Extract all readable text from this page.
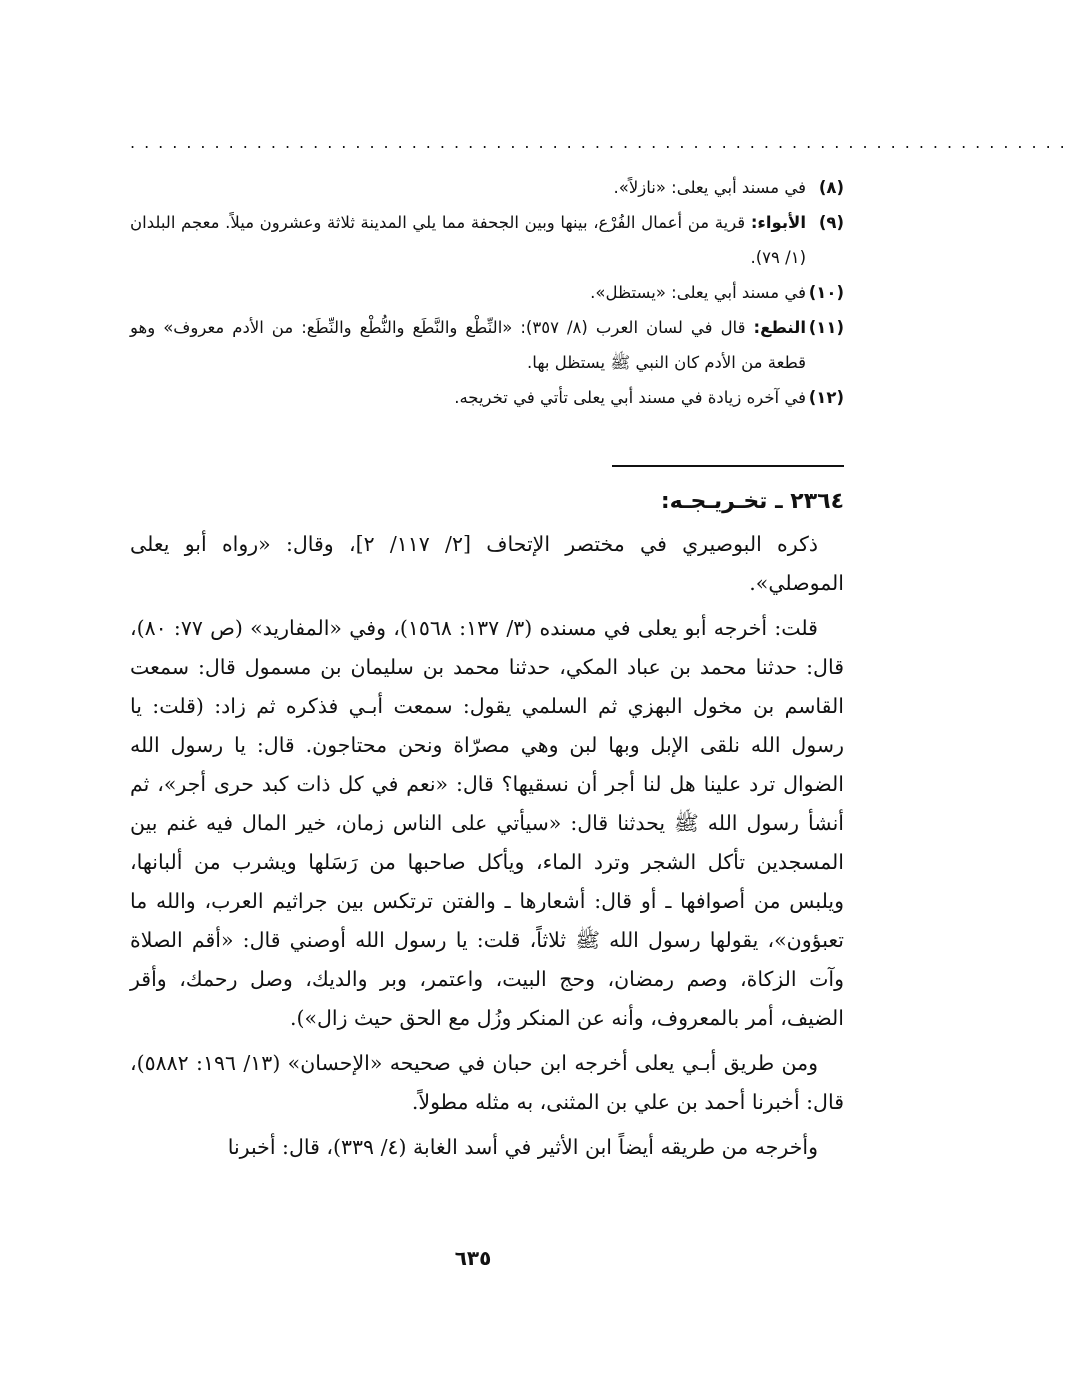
...................................................................
(٨)
في مسند أبي يعلى: «نازلاً».
(٩)
الأبواء: قرية من أعمال الفُرْع، بينها وبين الجحفة مما يلي المدينة ثلاثة وعشرون ميلاً. معجم البلدان (١/ ٧٩).
(١٠)
في مسند أبي يعلى: «يستظل».
(١١)
النطع: قال في لسان العرب (٨/ ٣٥٧): «النِّطْع والنَّطَع والنُّطْع والنِّطَع: من الأدم معروف» وهو قطعة من الأدم كان النبي ﷺ يستظل بها.
(١٢)
في آخره زيادة في مسند أبي يعلى تأتي في تخريجه.
٢٣٦٤ ـ تخـريـجـه:

ذكره البوصيري في مختصر الإتحاف [٢/ ١١٧/ ٢]، وقال: «رواه أبو يعلى الموصلي».

قلت: أخرجه أبو يعلى في مسنده (٣/ ١٣٧: ١٥٦٨)، وفي «المفاريد» (ص ٧٧: ٨٠)، قال: حدثنا محمد بن عباد المكي، حدثنا محمد بن سليمان بن مسمول قال: سمعت القاسم بن مخول البهزي ثم السلمي يقول: سمعت أبـي فذكره ثم زاد: (قلت: يا رسول الله نلقى الإبل وبها لبن وهي مصرّاة ونحن محتاجون. قال: يا رسول الله الضوال ترد علينا هل لنا أجر أن نسقيها؟ قال: «نعم في كل ذات كبد حرى أجر»، ثم أنشأ رسول الله ﷺ يحدثنا قال: «سيأتي على الناس زمان، خير المال فيه غنم بين المسجدين تأكل الشجر وترد الماء، ويأكل صاحبها من رَسَلها ويشرب من ألبانها، ويلبس من أصوافها ـ أو قال: أشعارها ـ والفتن ترتكس بين جراثيم العرب، والله ما تعبؤون»، يقولها رسول الله ﷺ ثلاثاً، قلت: يا رسول الله أوصني قال: «أقم الصلاة وآت الزكاة، وصم رمضان، وحج البيت، واعتمر، وبر والديك، وصل رحمك، وأقر الضيف، أمر بالمعروف، وأنه عن المنكر وزُل مع الحق حيث زال»).

ومن طريق أبـي يعلى أخرجه ابن حبان في صحيحه «الإحسان» (١٣/ ١٩٦: ٥٨٨٢)، قال: أخبرنا أحمد بن علي بن المثنى، به مثله مطولاً.

وأخرجه من طريقه أيضاً ابن الأثير في أسد الغابة (٤/ ٣٣٩)، قال: أخبرنا

٦٣٥
